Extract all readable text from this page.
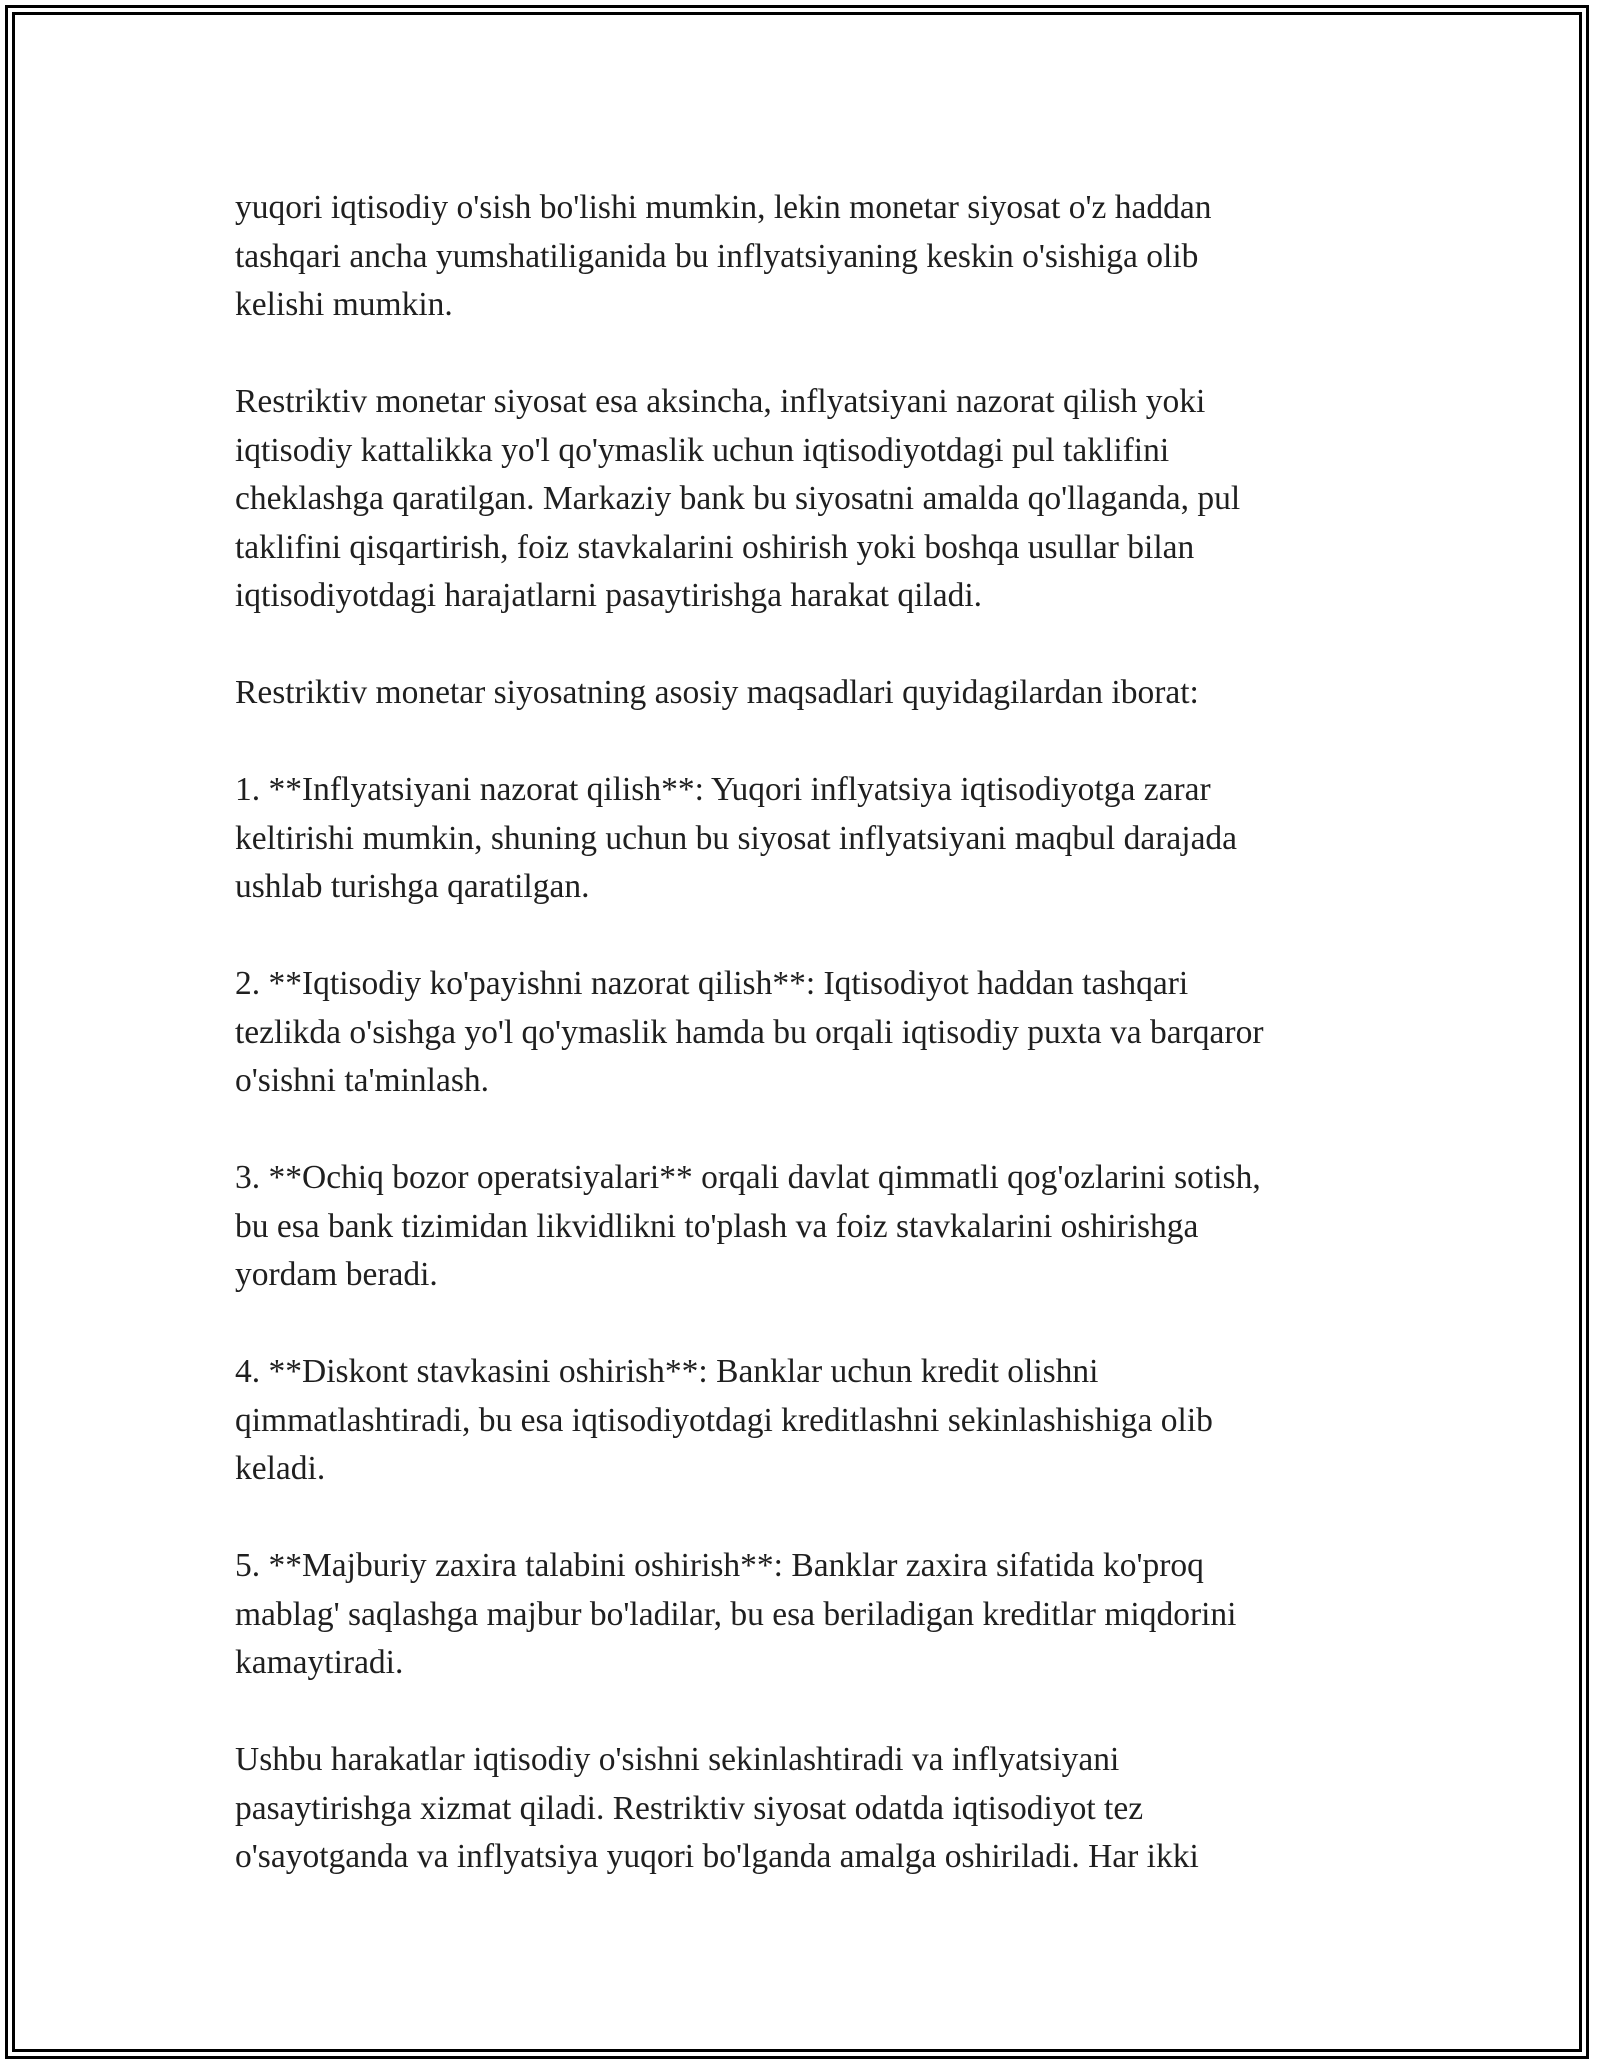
yuqori iqtisodiy o'sish bo'lishi mumkin, lekin monetar siyosat o'z haddan
tashqari ancha yumshatiliganida bu inflyatsiyaning keskin o'sishiga olib
kelishi mumkin.

Restriktiv monetar siyosat esa aksincha, inflyatsiyani nazorat qilish yoki
iqtisodiy kattalikka yo'l qo'ymaslik uchun iqtisodiyotdagi pul taklifini
cheklashga qaratilgan. Markaziy bank bu siyosatni amalda qo'llaganda, pul
taklifini qisqartirish, foiz stavkalarini oshirish yoki boshqa usullar bilan
iqtisodiyotdagi harajatlarni pasaytirishga harakat qiladi.

Restriktiv monetar siyosatning asosiy maqsadlari quyidagilardan iborat:

1. **Inflyatsiyani nazorat qilish**: Yuqori inflyatsiya iqtisodiyotga zarar
keltirishi mumkin, shuning uchun bu siyosat inflyatsiyani maqbul darajada
ushlab turishga qaratilgan.

2. **Iqtisodiy ko'payishni nazorat qilish**: Iqtisodiyot haddan tashqari
tezlikda o'sishga yo'l qo'ymaslik hamda bu orqali iqtisodiy puxta va barqaror
o'sishni ta'minlash.

3. **Ochiq bozor operatsiyalari** orqali davlat qimmatli qog'ozlarini sotish,
bu esa bank tizimidan likvidlikni to'plash va foiz stavkalarini oshirishga
yordam beradi.

4. **Diskont stavkasini oshirish**: Banklar uchun kredit olishni
qimmatlashtiradi, bu esa iqtisodiyotdagi kreditlashni sekinlashishiga olib
keladi.

5. **Majburiy zaxira talabini oshirish**: Banklar zaxira sifatida ko'proq
mablag' saqlashga majbur bo'ladilar, bu esa beriladigan kreditlar miqdorini
kamaytiradi.

Ushbu harakatlar iqtisodiy o'sishni sekinlashtiradi va inflyatsiyani
pasaytirishga xizmat qiladi. Restriktiv siyosat odatda iqtisodiyot tez
o'sayotganda va inflyatsiya yuqori bo'lganda amalga oshiriladi. Har ikki
